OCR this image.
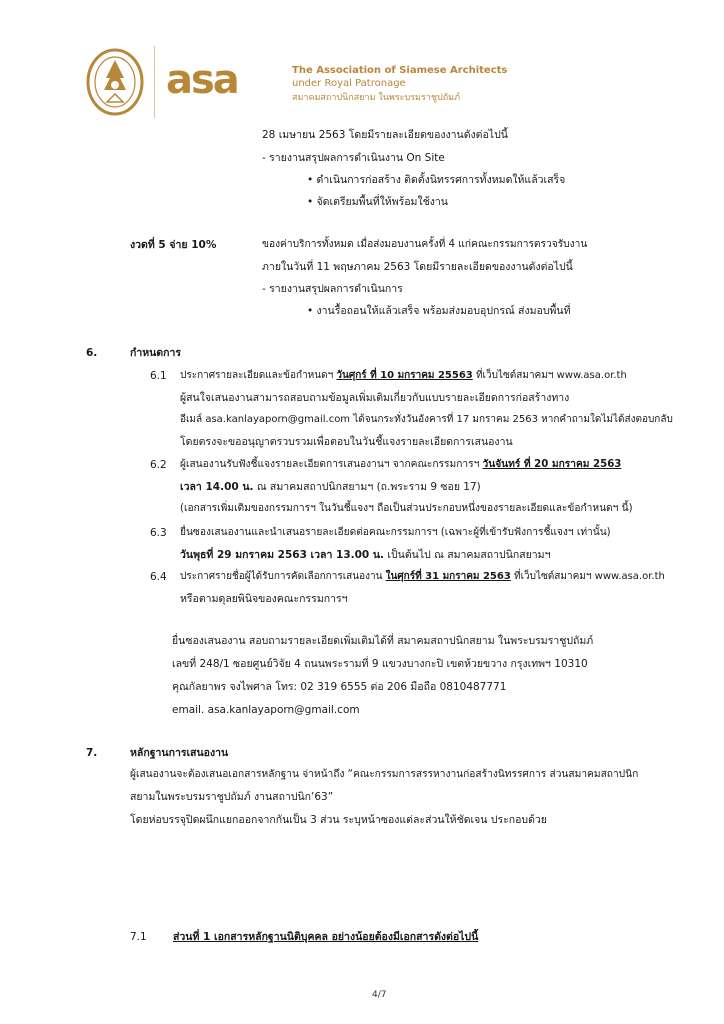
asa	The Association of Siamese Architects
under Royal Patronage
สมาคมสถาปนิกสยาม ในพระบรมราชูปถัมภ์
28 เมษายน 2563 โดยมีรายละเอียดของงานดังต่อไปนี้
- รายงานสรุปผลการดำเนินงาน On Site
• ดำเนินการก่อสร้าง ติดตั้งนิทรรศการทั้งหมดให้แล้วเสร็จ
• จัดเตรียมพื้นที่ให้พร้อมใช้งาน
งวดที่ 5 จ่าย 10%	ของค่าบริการทั้งหมด เมื่อส่งมอบงานครั้งที่ 4 แก่คณะกรรมการตรวจรับงาน
ภายในวันที่ 11 พฤษภาคม 2563 โดยมีรายละเอียดของงานดังต่อไปนี้
- รายงานสรุปผลการดำเนินการ
• งานรื้อถอนให้แล้วเสร็จ พร้อมส่งมอบอุปกรณ์ ส่งมอบพื้นที่
6.	กำหนดการ
6.1 ประกาศรายละเอียดและข้อกำหนดฯ วันศุกร์ ที่ 10 มกราคม 25563 ที่เว็บไซต์สมาคมฯ www.asa.or.th
ผู้สนใจเสนองานสามารถสอบถามข้อมูลเพิ่มเติมเกี่ยวกับแบบรายละเอียดการก่อสร้างทาง
อีเมล์ asa.kanlayaporn@gmail.com ได้จนกระทั่งวันอังคารที่ 17 มกราคม 2563 หากคำถามใดไม่ได้ส่งตอบกลับ
โดยตรงจะขออนุญาตรวบรวมเพื่อตอบในวันชี้แจงรายละเอียดการเสนองาน
6.2 ผู้เสนองานรับฟังชี้แจงรายละเอียดการเสนองานฯ จากคณะกรรมการฯ วันจันทร์ ที่ 20 มกราคม 2563
เวลา 14.00 น. ณ สมาคมสถาปนิกสยามฯ (ถ.พระราม 9 ซอย 17)
(เอกสารเพิ่มเติมของกรรมการฯ ในวันชี้แจงฯ ถือเป็นส่วนประกอบหนึ่งของรายละเอียดและข้อกำหนดฯ นี้)
6.3 ยื่นซองเสนองานและนำเสนอรายละเอียดต่อคณะกรรมการฯ (เฉพาะผู้ที่เข้ารับฟังการชี้แจงฯ เท่านั้น)
วันพุธที่ 29 มกราคม 2563 เวลา 13.00 น. เป็นต้นไป ณ สมาคมสถาปนิกสยามฯ
6.4 ประกาศรายชื่อผู้ได้รับการคัดเลือกการเสนองาน ในศุกร์ที่ 31 มกราคม 2563 ที่เว็บไซต์สมาคมฯ www.asa.or.th
หรือตามดุลยพินิจของคณะกรรมการฯ
ยื่นซองเสนองาน สอบถามรายละเอียดเพิ่มเติมได้ที่ สมาคมสถาปนิกสยาม ในพระบรมราชูปถัมภ์
เลขที่ 248/1 ซอยศูนย์วิจัย 4 ถนนพระรามที่ 9 แขวงบางกะปิ เขตห้วยขวาง กรุงเทพฯ 10310
คุณกัลยาพร จงไพศาล โทร: 02 319 6555 ต่อ 206 มือถือ 0810487771
email. asa.kanlayaporn@gmail.com
7.	หลักฐานการเสนองาน
ผู้เสนองานจะต้องเสนอเอกสารหลักฐาน จ่าหน้าถึง “คณะกรรมการสรรหางานก่อสร้างนิทรรศการ ส่วนสมาคมสถาปนิก
สยามในพระบรมราชูปถัมภ์ งานสถาปนิก’63”
โดยห่อบรรจุปิดผนึกแยกออกจากกันเป็น 3 ส่วน ระบุหน้าซองแต่ละส่วนให้ชัดเจน ประกอบด้วย
7.1	ส่วนที่ 1 เอกสารหลักฐานนิติบุคคล อย่างน้อยต้องมีเอกสารดังต่อไปนี้
4/7
